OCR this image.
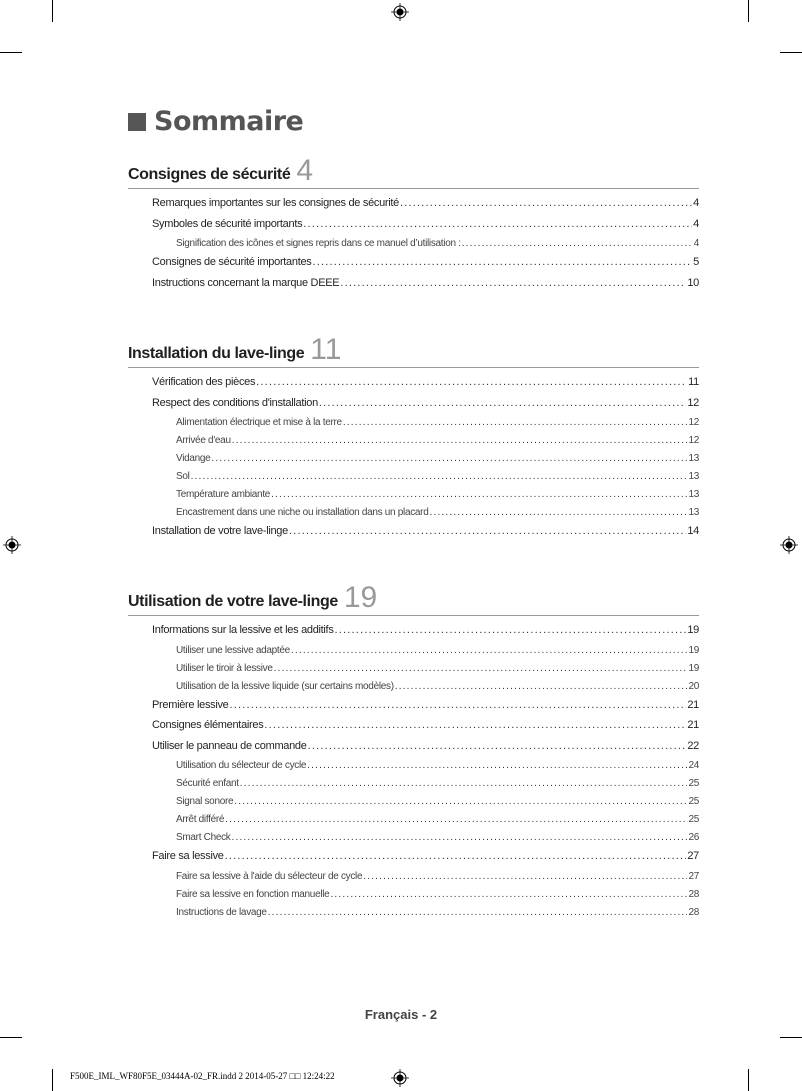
Sommaire
Consignes de sécurité 4
Remarques importantes sur les consignes de sécurité .....	4
Symboles de sécurité importants .....	4
Signification des icônes et signes repris dans ce manuel d’utilisation : .....	4
Consignes de sécurité importantes .....	5
Instructions concernant la marque DEEE .....	10
Installation du lave-linge 11
Vérification des pièces .....	11
Respect des conditions d'installation .....	12
Alimentation électrique et mise à la terre .....	12
Arrivée d'eau .....	12
Vidange .....	13
Sol .....	13
Température ambiante .....	13
Encastrement dans une niche ou installation dans un placard .....	13
Installation de votre lave-linge .....	14
Utilisation de votre lave-linge 19
Informations sur la lessive et les additifs .....	19
Utiliser une lessive adaptée .....	19
Utiliser le tiroir à lessive .....	19
Utilisation de la lessive liquide (sur certains modèles) .....	20
Première lessive .....	21
Consignes élémentaires .....	21
Utiliser le panneau de commande .....	22
Utilisation du sélecteur de cycle .....	24
Sécurité enfant .....	25
Signal sonore .....	25
Arrêt différé .....	25
Smart Check .....	26
Faire sa lessive .....	27
Faire sa lessive à l'aide du sélecteur de cycle .....	27
Faire sa lessive en fonction manuelle .....	28
Instructions de lavage .....	28
Français - 2
F500E_IML_WF80F5E_03444A-02_FR.indd 2 2014-05-27 □□ 12:24:22
